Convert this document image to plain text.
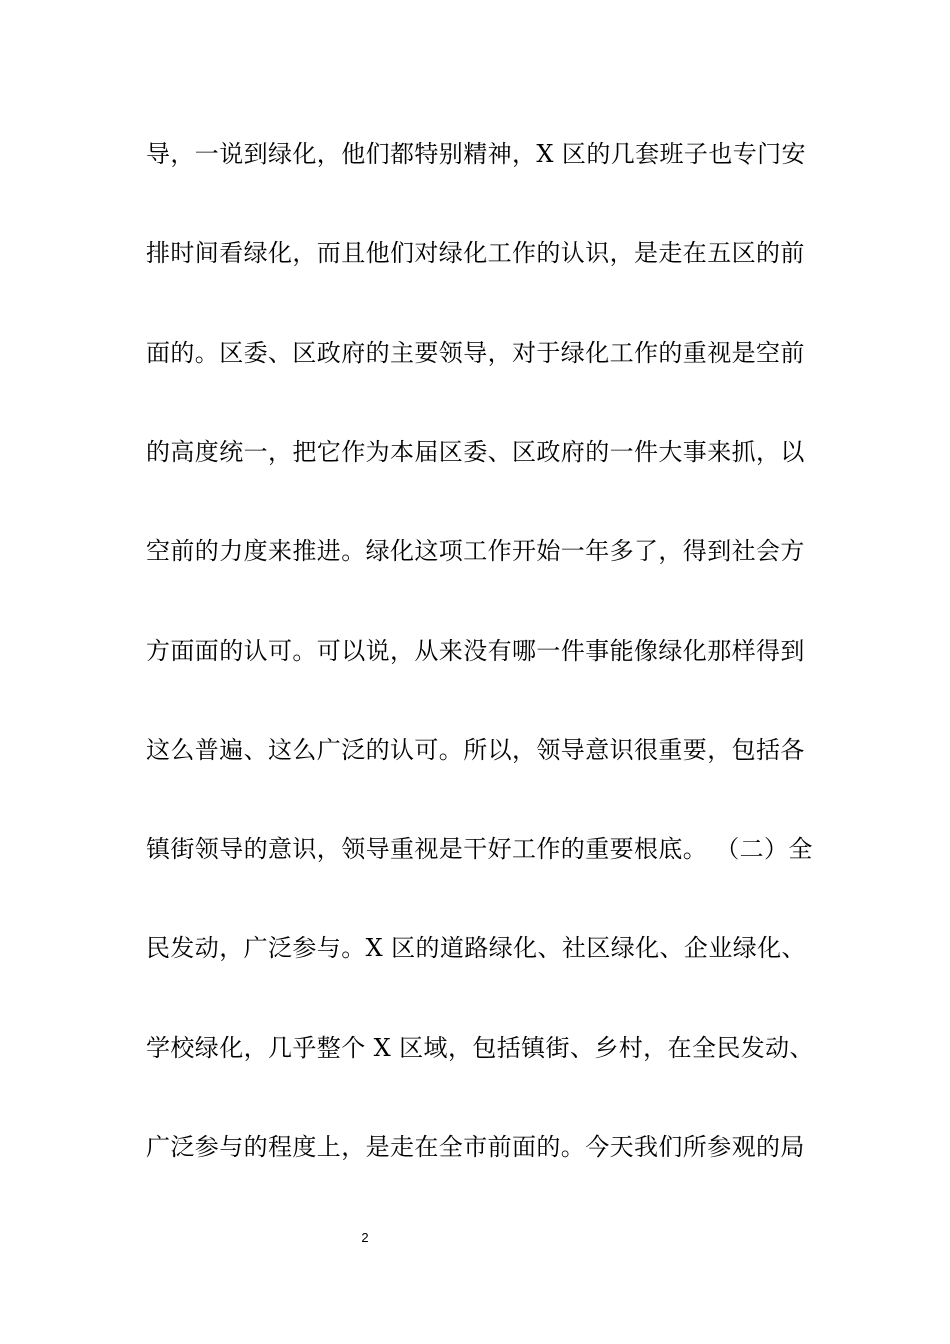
导，一说到绿化，他们都特别精神，X 区的几套班子也专门安
排时间看绿化，而且他们对绿化工作的认识，是走在五区的前
面的。区委、区政府的主要领导，对于绿化工作的重视是空前
的高度统一，把它作为本届区委、区政府的一件大事来抓，以
空前的力度来推进。绿化这项工作开始一年多了，得到社会方
方面面的认可。可以说，从来没有哪一件事能像绿化那样得到
这么普遍、这么广泛的认可。所以，领导意识很重要，包括各
镇街领导的意识，领导重视是干好工作的重要根底。 （二）全
民发动，广泛参与。X 区的道路绿化、社区绿化、企业绿化、
学校绿化，几乎整个 X 区域，包括镇街、乡村，在全民发动、
广泛参与的程度上，是走在全市前面的。今天我们所参观的局
2
